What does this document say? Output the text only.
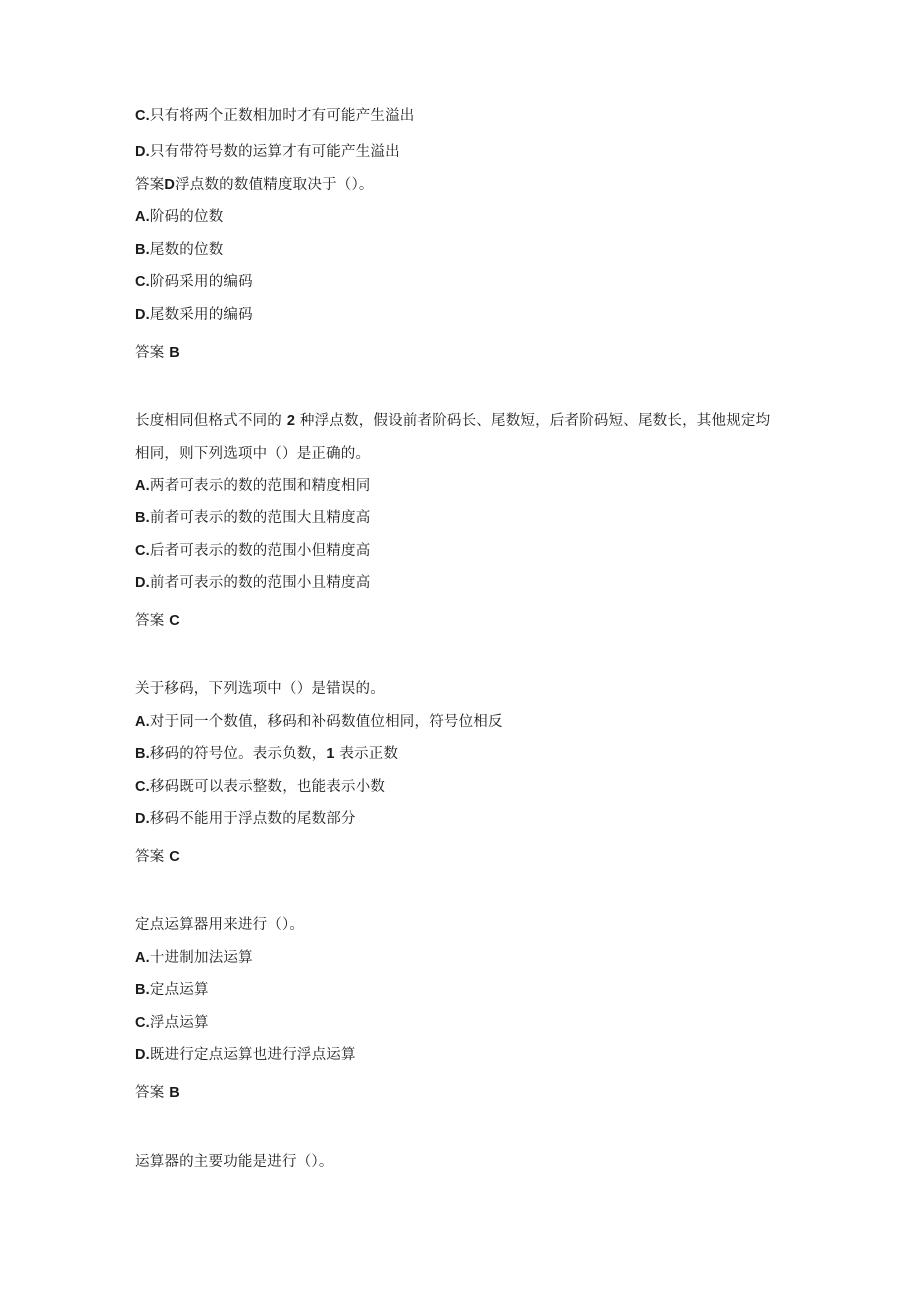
C.只有将两个正数相加时才有可能产生溢出
D.只有带符号数的运算才有可能产生溢出
答案D浮点数的数值精度取决于（）。
A.阶码的位数
B.尾数的位数
C.阶码采用的编码
D.尾数采用的编码
答案 B
长度相同但格式不同的 2 种浮点数，假设前者阶码长、尾数短，后者阶码短、尾数长，其他规定均相同，则下列选项中（）是正确的。
A.两者可表示的数的范围和精度相同
B.前者可表示的数的范围大且精度高
C.后者可表示的数的范围小但精度高
D.前者可表示的数的范围小且精度高
答案 C
关于移码，下列选项中（）是错误的。
A.对于同一个数值，移码和补码数值位相同，符号位相反
B.移码的符号位。表示负数，1 表示正数
C.移码既可以表示整数，也能表示小数
D.移码不能用于浮点数的尾数部分
答案 C
定点运算器用来进行（）。
A.十进制加法运算
B.定点运算
C.浮点运算
D.既进行定点运算也进行浮点运算
答案 B
运算器的主要功能是进行（）。
